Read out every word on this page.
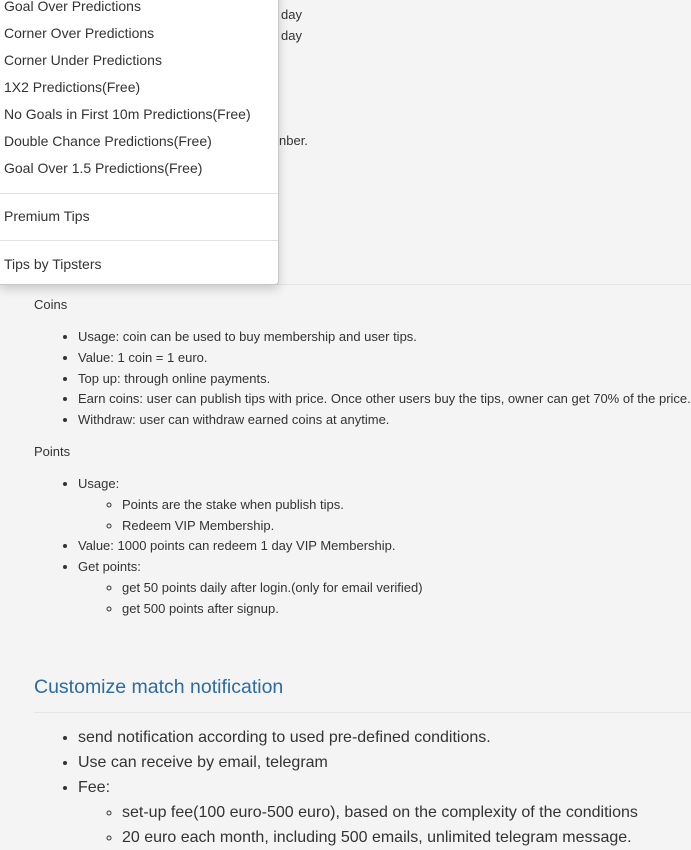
day
day
nber.
Coins
• Usage: coin can be used to buy membership and user tips.
• Value: 1 coin = 1 euro.
• Top up: through online payments.
• Earn coins: user can publish tips with price. Once other users buy the tips, owner can get 70% of the price.
• Withdraw: user can withdraw earned coins at anytime.
Points
• Usage:
◦ Points are the stake when publish tips.
◦ Redeem VIP Membership.
• Value: 1000 points can redeem 1 day VIP Membership.
• Get points:
◦ get 50 points daily after login.(only for email verified)
◦ get 500 points after signup.
Customize match notification
• send notification according to used pre-defined conditions.
• Use can receive by email, telegram
• Fee:
◦ set-up fee(100 euro-500 euro), based on the complexity of the conditions
◦ 20 euro each month, including 500 emails, unlimited telegram message.
Goal Over Predictions
Corner Over Predictions
Corner Under Predictions
1X2 Predictions(Free)
No Goals in First 10m Predictions(Free)
Double Chance Predictions(Free)
Goal Over 1.5 Predictions(Free)
Premium Tips
Tips by Tipsters
